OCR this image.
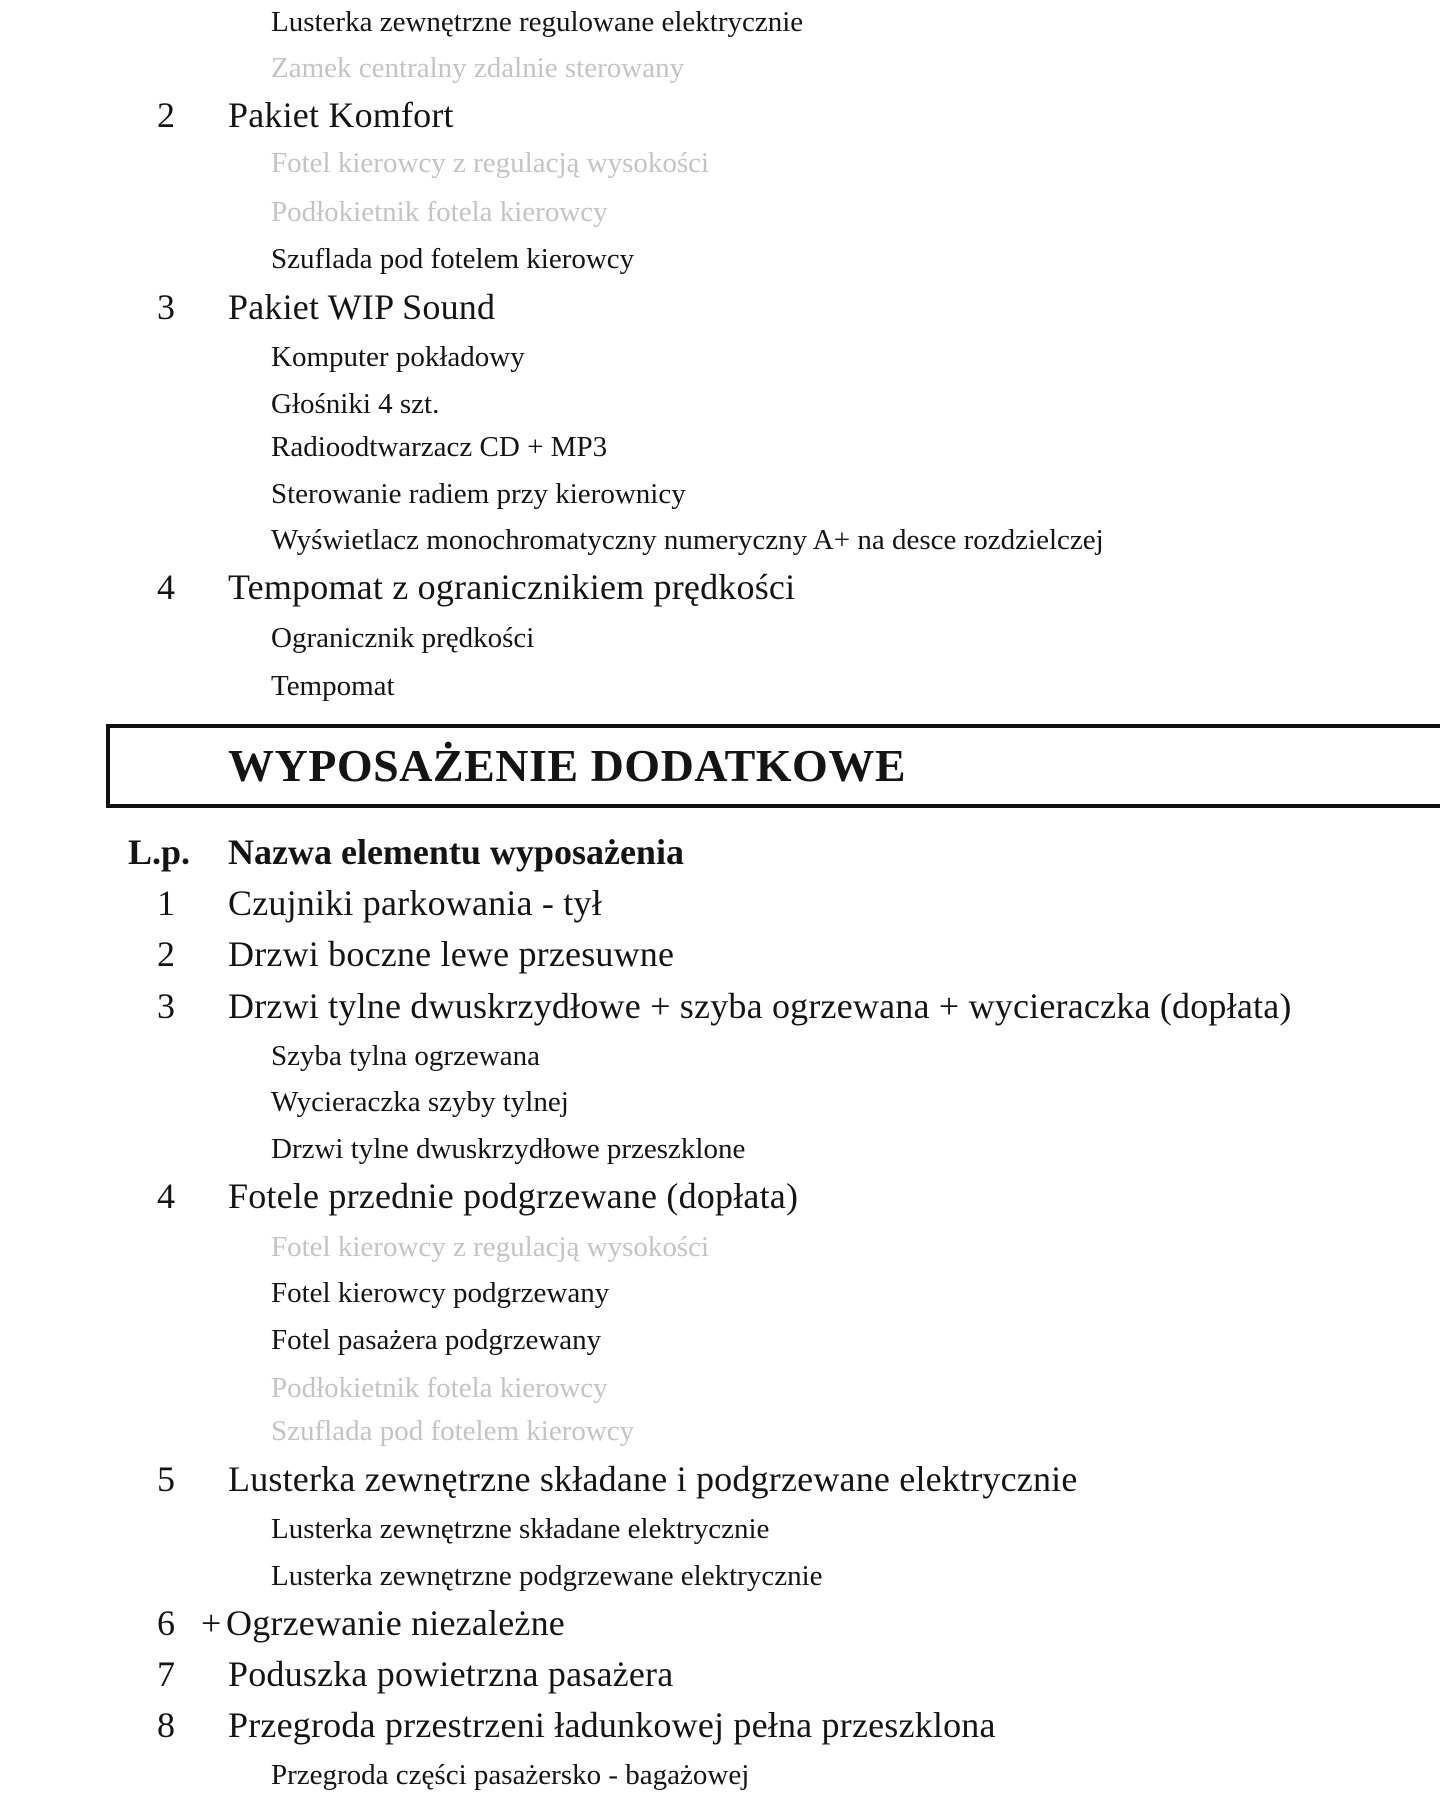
Lusterka zewnętrzne regulowane elektrycznie
Zamek centralny zdalnie sterowany
2 Pakiet Komfort
Fotel kierowcy z regulacją wysokości
Podłokietnik fotela kierowcy
Szuflada pod fotelem kierowcy
3 Pakiet WIP Sound
Komputer pokładowy
Głośniki 4 szt.
Radioodtwarzacz CD + MP3
Sterowanie radiem przy kierownicy
Wyświetlacz monochromatyczny numeryczny A+ na desce rozdzielczej
4 Tempomat z ogranicznikiem prędkości
Ogranicznik prędkości
Tempomat
WYPOSAŻENIE DODATKOWE
L.p. Nazwa elementu wyposażenia
1 Czujniki parkowania - tył
2 Drzwi boczne lewe przesuwne
3 Drzwi tylne dwuskrzydłowe + szyba ogrzewana + wycieraczka (dopłata)
Szyba tylna ogrzewana
Wycieraczka szyby tylnej
Drzwi tylne dwuskrzydłowe przeszklone
4 Fotele przednie podgrzewane (dopłata)
Fotel kierowcy z regulacją wysokości
Fotel kierowcy podgrzewany
Fotel pasażera podgrzewany
Podłokietnik fotela kierowcy
Szuflada pod fotelem kierowcy
5 Lusterka zewnętrzne składane i podgrzewane elektrycznie
Lusterka zewnętrzne składane elektrycznie
Lusterka zewnętrzne podgrzewane elektrycznie
6 + Ogrzewanie niezależne
7 Poduszka powietrzna pasażera
8 Przegroda przestrzeni ładunkowej pełna przeszklona
Przegroda części pasażersko - bagażowej
